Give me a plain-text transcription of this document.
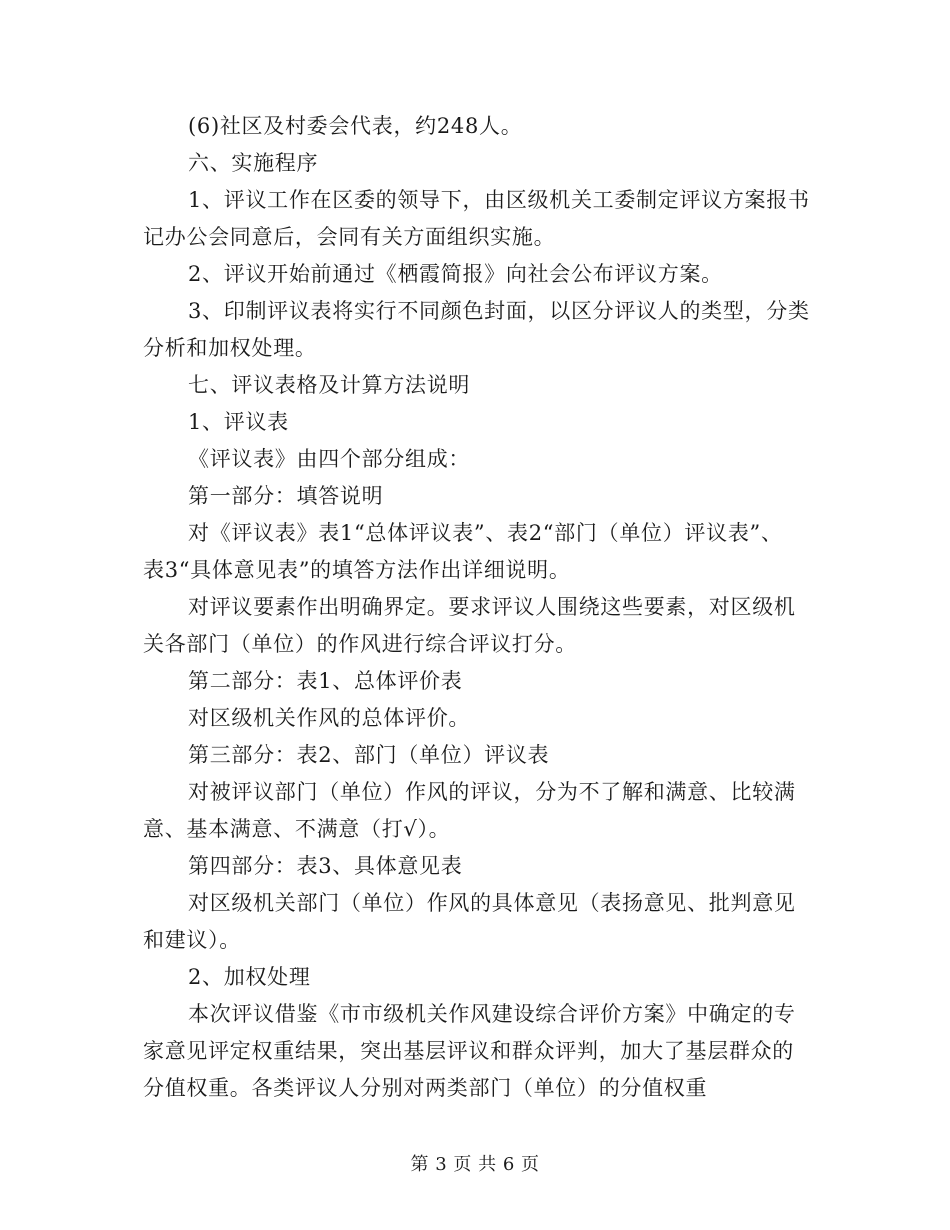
(6)社区及村委会代表，约248人。
六、实施程序
1、评议工作在区委的领导下，由区级机关工委制定评议方案报书
记办公会同意后，会同有关方面组织实施。
2、评议开始前通过《栖霞简报》向社会公布评议方案。
3、印制评议表将实行不同颜色封面，以区分评议人的类型，分类
分析和加权处理。
七、评议表格及计算方法说明
1、评议表
《评议表》由四个部分组成：
第一部分：填答说明
对《评议表》表1“总体评议表”、表2“部门（单位）评议表”、
表3“具体意见表”的填答方法作出详细说明。
对评议要素作出明确界定。要求评议人围绕这些要素，对区级机
关各部门（单位）的作风进行综合评议打分。
第二部分：表1、总体评价表
对区级机关作风的总体评价。
第三部分：表2、部门（单位）评议表
对被评议部门（单位）作风的评议，分为不了解和满意、比较满
意、基本满意、不满意（打√）。
第四部分：表3、具体意见表
对区级机关部门（单位）作风的具体意见（表扬意见、批判意见
和建议）。
2、加权处理
本次评议借鉴《市市级机关作风建设综合评价方案》中确定的专
家意见评定权重结果，突出基层评议和群众评判，加大了基层群众的
分值权重。各类评议人分别对两类部门（单位）的分值权重
第 3 页 共 6 页
